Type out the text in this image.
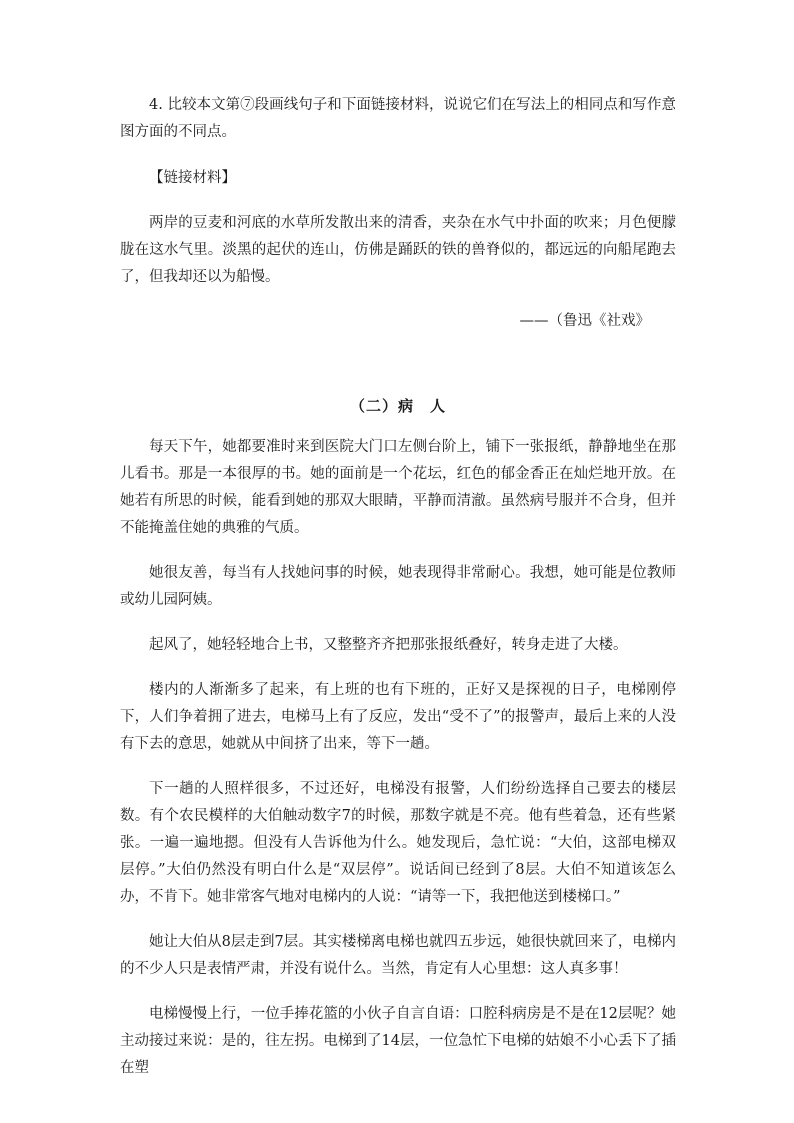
4. 比较本文第⑦段画线句子和下面链接材料，说说它们在写法上的相同点和写作意图方面的不同点。

【链接材料】

两岸的豆麦和河底的水草所发散出来的清香，夹杂在水气中扑面的吹来；月色便朦胧在这水气里。淡黑的起伏的连山，仿佛是踊跃的铁的兽脊似的，都远远的向船尾跑去了，但我却还以为船慢。

——（鲁迅《社戏》

（二）病　人

每天下午，她都要准时来到医院大门口左侧台阶上，铺下一张报纸，静静地坐在那儿看书。那是一本很厚的书。她的面前是一个花坛，红色的郁金香正在灿烂地开放。在她若有所思的时候，能看到她的那双大眼睛，平静而清澈。虽然病号服并不合身，但并不能掩盖住她的典雅的气质。

她很友善，每当有人找她问事的时候，她表现得非常耐心。我想，她可能是位教师或幼儿园阿姨。

起风了，她轻轻地合上书，又整整齐齐把那张报纸叠好，转身走进了大楼。

楼内的人渐渐多了起来，有上班的也有下班的，正好又是探视的日子，电梯刚停下，人们争着拥了进去，电梯马上有了反应，发出“受不了”的报警声，最后上来的人没有下去的意思，她就从中间挤了出来，等下一趟。

下一趟的人照样很多，不过还好，电梯没有报警，人们纷纷选择自己要去的楼层数。有个农民模样的大伯触动数字7的时候，那数字就是不亮。他有些着急，还有些紧张。一遍一遍地摁。但没有人告诉他为什么。她发现后，急忙说：“大伯，这部电梯双层停。”大伯仍然没有明白什么是“双层停”。说话间已经到了8层。大伯不知道该怎么办，不肯下。她非常客气地对电梯内的人说：“请等一下，我把他送到楼梯口。”

她让大伯从8层走到7层。其实楼梯离电梯也就四五步远，她很快就回来了，电梯内的不少人只是表情严肃，并没有说什么。当然，肯定有人心里想：这人真多事！

电梯慢慢上行，一位手捧花篮的小伙子自言自语：口腔科病房是不是在12层呢？她主动接过来说：是的，往左拐。电梯到了14层，一位急忙下电梯的姑娘不小心丢下了插在塑
